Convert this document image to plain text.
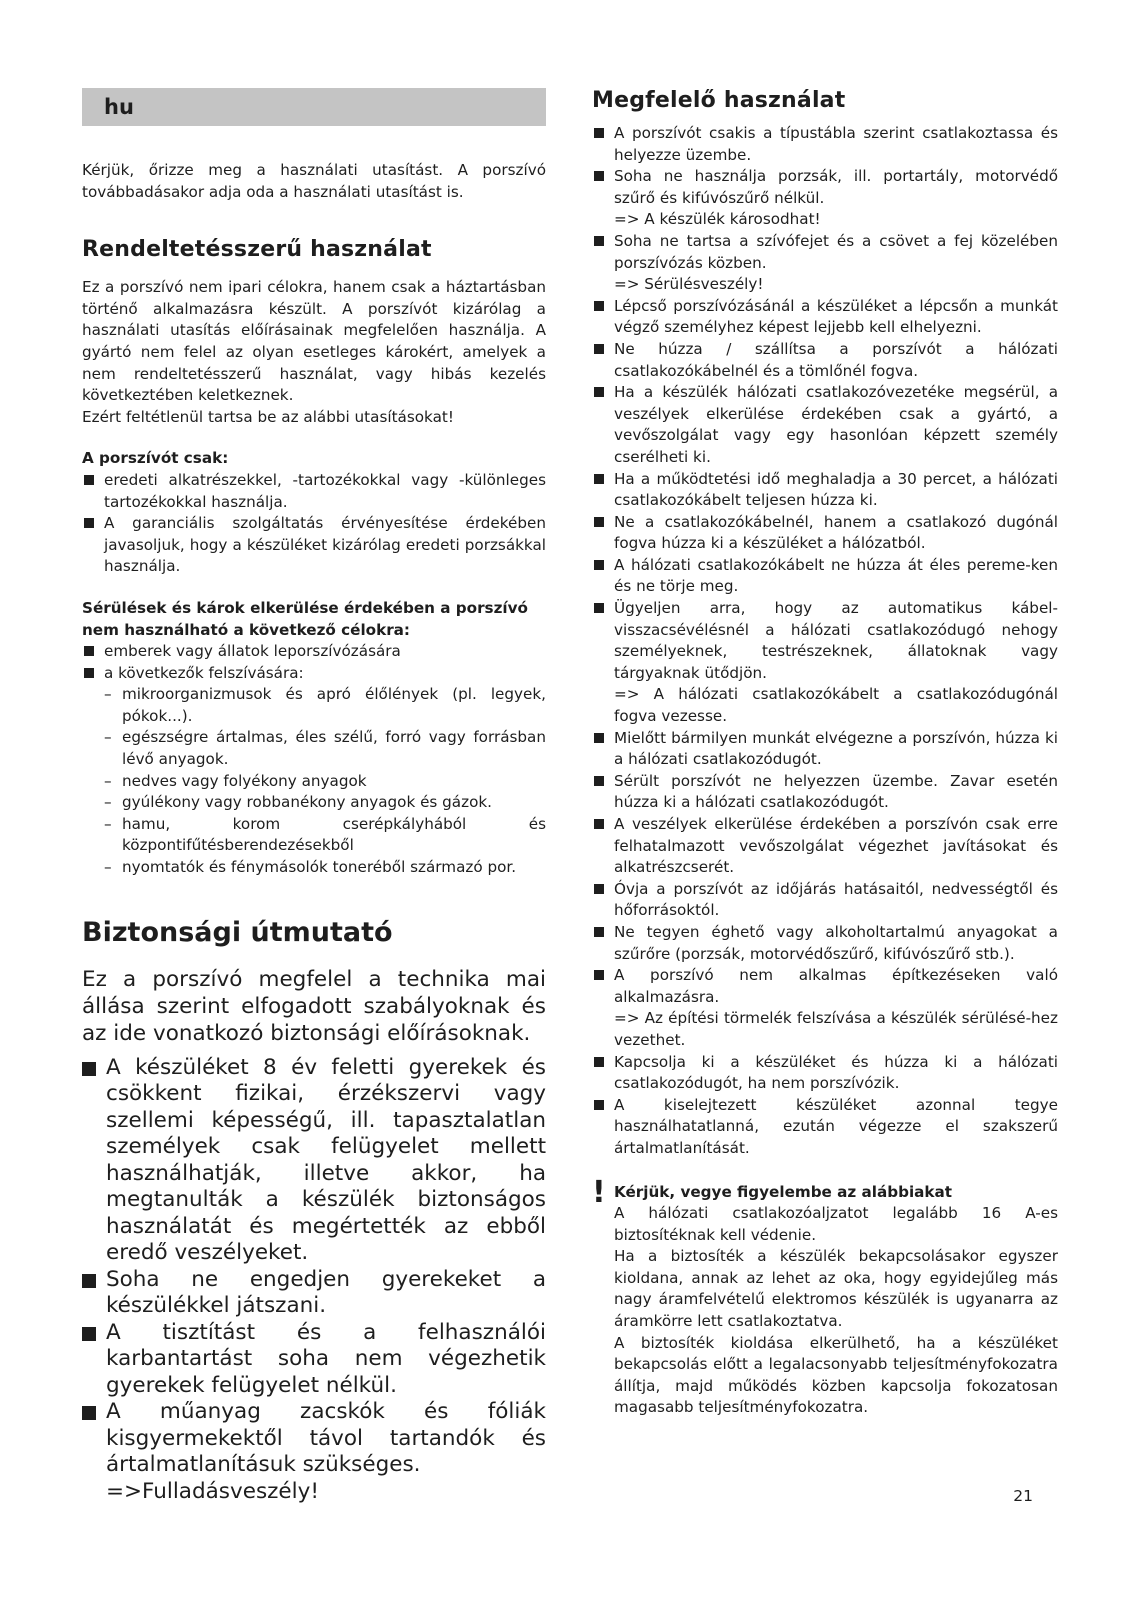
hu

Kérjük, őrizze meg a használati utasítást. A porszívó továbbadásakor adja oda a használati utasítást is.

Rendeltetésszerű használat

Ez a porszívó nem ipari célokra, hanem csak a háztartásban történő alkalmazásra készült. A porszívót kizárólag a használati utasítás előírásainak megfelelően használja. A gyártó nem felel az olyan esetleges károkért, amelyek a nem rendeltetésszerű használat, vagy hibás kezelés következtében keletkeznek.

Ezért feltétlenül tartsa be az alábbi utasításokat!

A porszívót csak:
eredeti alkatrészekkel, -tartozékokkal vagy -különleges tartozékokkal használja.
A garanciális szolgáltatás érvényesítése érdekében javasoljuk, hogy a készüléket kizárólag eredeti porzsákkal használja.
Sérülések és károk elkerülése érdekében a porszívó nem használható a következő célokra:
emberek vagy állatok leporszívózására
a következők felszívására:
– mikroorganizmusok és apró élőlények (pl. legyek, pókok...).
– egészségre ártalmas, éles szélű, forró vagy forrásban lévő anyagok.
– nedves vagy folyékony anyagok
– gyúlékony vagy robbanékony anyagok és gázok.
– hamu, korom cserépkályhából és központifűtésberendezésekből
– nyomtatók és fénymásolók toneréből származó por.
Biztonsági útmutató

Ez a porszívó megfelel a technika mai állása szerint elfogadott szabályoknak és az ide vonatkozó biztonsági előírásoknak.

A készüléket 8 év feletti gyerekek és csökkent fizikai, érzékszervi vagy szellemi képességű, ill. tapasztalatlan személyek csak felügyelet mellett használhatják, illetve akkor, ha megtanulták a készülék biztonságos használatát és megértették az ebből eredő veszélyeket.
Soha ne engedjen gyerekeket a készülékkel játszani.
A tisztítást és a felhasználói karbantartást soha nem végezhetik gyerekek felügyelet nélkül.
A műanyag zacskók és fóliák kisgyermekektől távol tartandók és ártalmatlanításuk szükséges.
=>Fulladásveszély!
Megfelelő használat
A porszívót csakis a típustábla szerint csatlakoztassa és helyezze üzembe.
Soha ne használja porzsák, ill. portartály, motorvédő szűrő és kifúvószűrő nélkül.
=> A készülék károsodhat!
Soha ne tartsa a szívófejet és a csövet a fej közelében porszívózás közben.
=> Sérülésveszély!
Lépcső porszívózásánál a készüléket a lépcsőn a munkát végző személyhez képest lejjebb kell elhelyezni.
Ne húzza / szállítsa a porszívót a hálózati csatlakozókábelnél és a tömlőnél fogva.
Ha a készülék hálózati csatlakozóvezetéke megsérül, a veszélyek elkerülése érdekében csak a gyártó, a vevőszolgálat vagy egy hasonlóan képzett személy cserélheti ki.
Ha a működtetési idő meghaladja a 30 percet, a hálózati csatlakozókábelt teljesen húzza ki.
Ne a csatlakozókábelnél, hanem a csatlakozó dugónál fogva húzza ki a készüléket a hálózatból.
A hálózati csatlakozókábelt ne húzza át éles pereme-ken és ne törje meg.
Ügyeljen arra, hogy az automatikus kábel-visszacsévélésnél a hálózati csatlakozódugó nehogy személyeknek, testrészeknek, állatoknak vagy tárgyaknak ütődjön.
=> A hálózati csatlakozókábelt a csatlakozódugónál fogva vezesse.
Mielőtt bármilyen munkát elvégezne a porszívón, húzza ki a hálózati csatlakozódugót.
Sérült porszívót ne helyezzen üzembe. Zavar esetén húzza ki a hálózati csatlakozódugót.
A veszélyek elkerülése érdekében a porszívón csak erre felhatalmazott vevőszolgálat végezhet javításokat és alkatrészcserét.
Óvja a porszívót az időjárás hatásaitól, nedvességtől és hőforrásoktól.
Ne tegyen éghető vagy alkoholtartalmú anyagokat a szűrőre (porzsák, motorvédőszűrő, kifúvószűrő stb.).
A porszívó nem alkalmas építkezéseken való alkalmazásra.
=> Az építési törmelék felszívása a készülék sérülésé-hez vezethet.
Kapcsolja ki a készüléket és húzza ki a hálózati csatlakozódugót, ha nem porszívózik.
A kiselejtezett készüléket azonnal tegye használhatatlanná, ezután végezze el szakszerű ártalmatlanítását.
! Kérjük, vegye figyelembe az alábbiakat

A hálózati csatlakozóaljzatot legalább 16 A-es biztosítéknak kell védenie.

Ha a biztosíték a készülék bekapcsolásakor egyszer kioldana, annak az lehet az oka, hogy egyidejűleg más nagy áramfelvételű elektromos készülék is ugyanarra az áramkörre lett csatlakoztatva.

A biztosíték kioldása elkerülhető, ha a készüléket bekapcsolás előtt a legalacsonyabb teljesítményfokozatra állítja, majd működés közben kapcsolja fokozatosan magasabb teljesítményfokozatra.

21
